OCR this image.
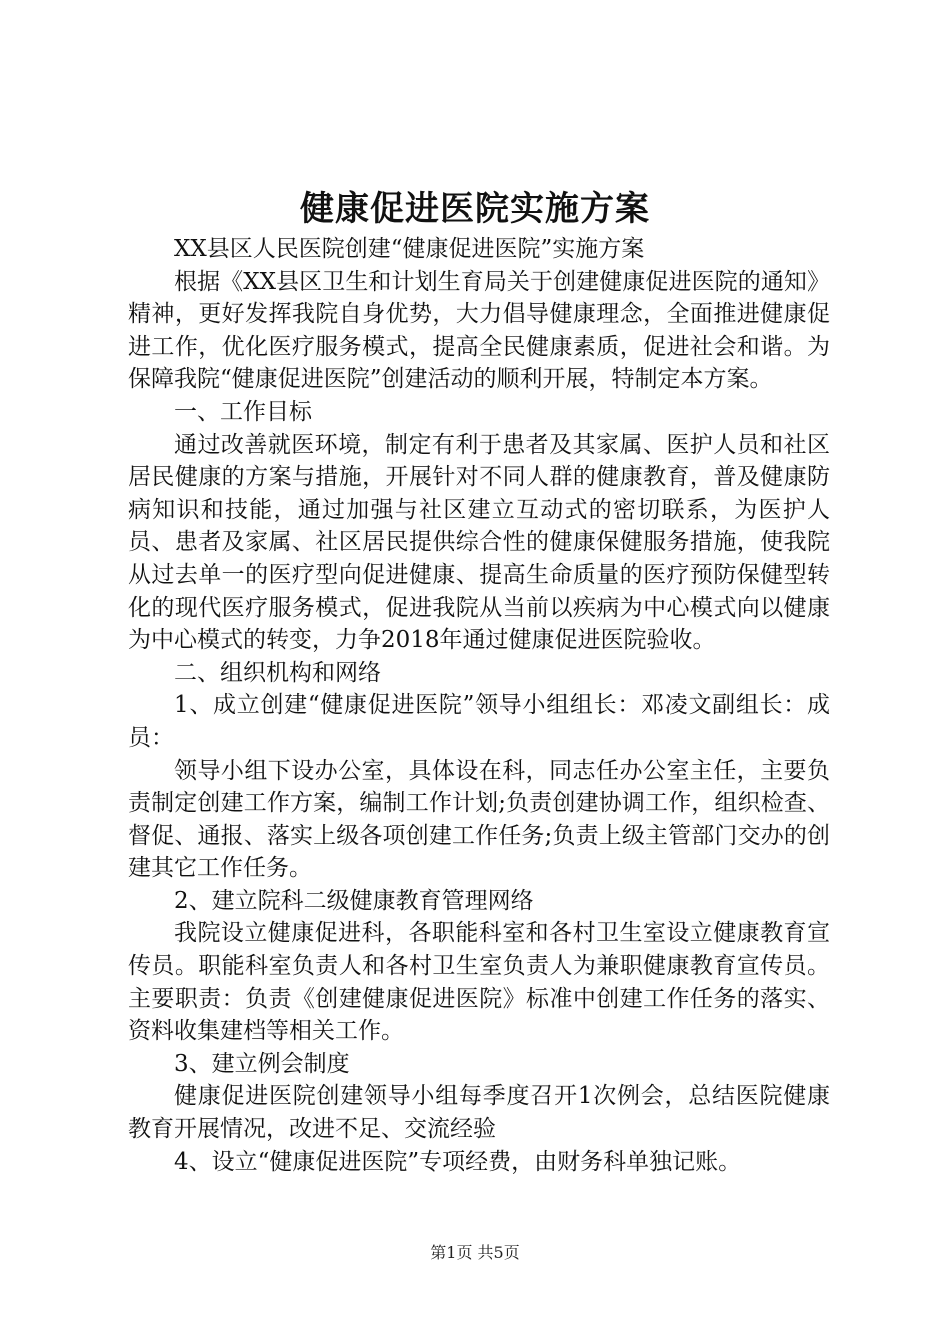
健康促进医院实施方案

XX县区人民医院创建“健康促进医院”实施方案

根据《XX县区卫生和计划生育局关于创建健康促进医院的通知》精神，更好发挥我院自身优势，大力倡导健康理念，全面推进健康促进工作，优化医疗服务模式，提高全民健康素质，促进社会和谐。为保障我院“健康促进医院”创建活动的顺利开展，特制定本方案。

一、工作目标

通过改善就医环境，制定有利于患者及其家属、医护人员和社区居民健康的方案与措施，开展针对不同人群的健康教育，普及健康防病知识和技能，通过加强与社区建立互动式的密切联系，为医护人员、患者及家属、社区居民提供综合性的健康保健服务措施，使我院从过去单一的医疗型向促进健康、提高生命质量的医疗预防保健型转化的现代医疗服务模式，促进我院从当前以疾病为中心模式向以健康为中心模式的转变，力争2018年通过健康促进医院验收。

二、组织机构和网络

1、成立创建“健康促进医院”领导小组组长：邓凌文副组长：成员：

领导小组下设办公室，具体设在科，同志任办公室主任，主要负责制定创建工作方案，编制工作计划;负责创建协调工作，组织检查、督促、通报、落实上级各项创建工作任务;负责上级主管部门交办的创建其它工作任务。

2、建立院科二级健康教育管理网络

我院设立健康促进科，各职能科室和各村卫生室设立健康教育宣传员。职能科室负责人和各村卫生室负责人为兼职健康教育宣传员。主要职责：负责《创建健康促进医院》标准中创建工作任务的落实、资料收集建档等相关工作。

3、建立例会制度

健康促进医院创建领导小组每季度召开1次例会，总结医院健康教育开展情况，改进不足、交流经验

4、设立“健康促进医院”专项经费，由财务科单独记账。

第1页 共5页
